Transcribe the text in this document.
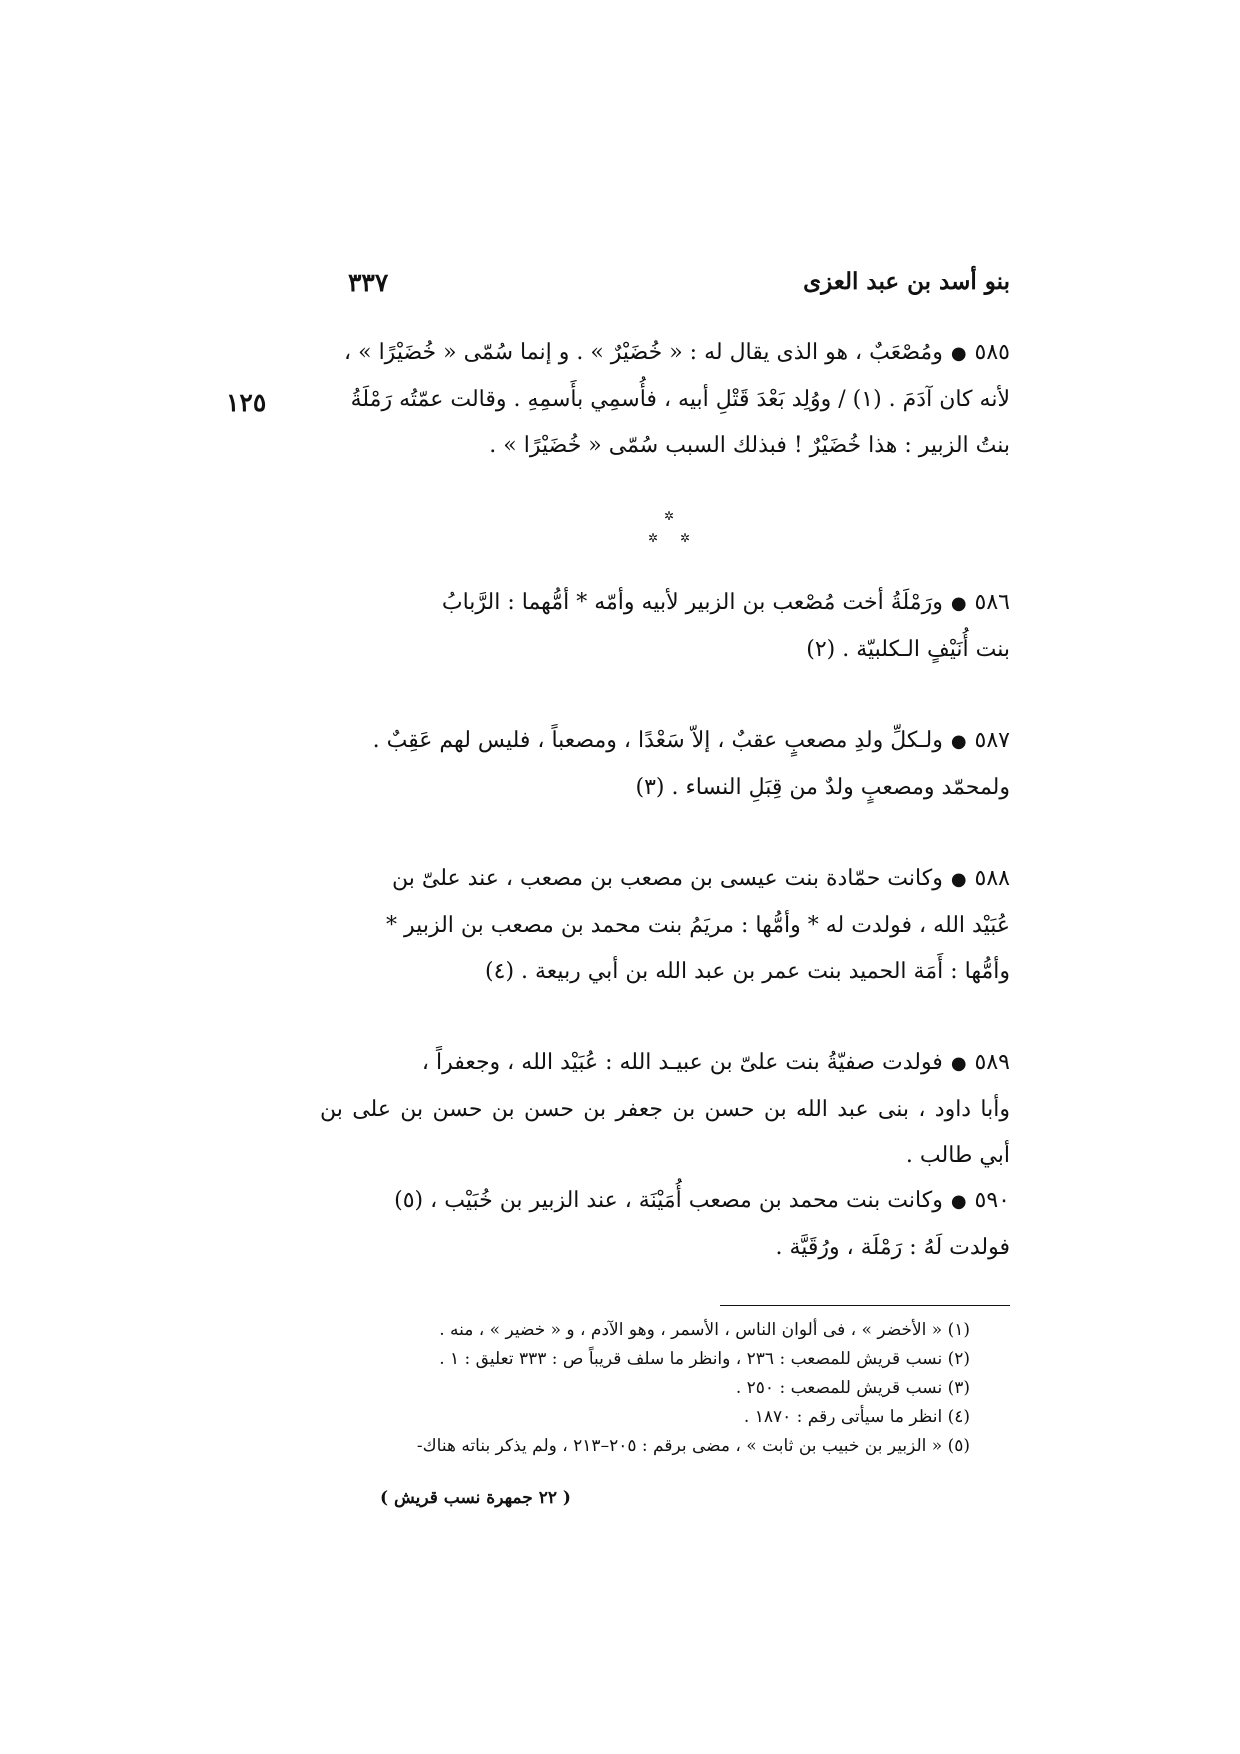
بنو أسد بن عبد العزى
٣٣٧
١٢٥
٥٨٥●ومُصْعَبٌ ، هو الذى يقال له : « خُضَيْرٌ » . و إنما سُمّى « خُضَيْرًا » ،
لأنه كان آدَمَ . (١) / ووُلِد بَعْدَ قَتْلِ أبيه ، فأُسمِي بأَسمِهِ . وقالت عمّتُه رَمْلَةُ
بنتُ الزبير : هذا خُضَيْرٌ ! فبذلك السبب سُمّى « خُضَيْرًا » .
✲
✲ ✲
٥٨٦●ورَمْلَةُ أخت مُصْعب بن الزبير لأبيه وأمّه * أمُّهما : الرَّبابُ
بنت أُنَيْفٍ الـكلبيّة . (٢)
٥٨٧●ولـكلِّ ولدِ مصعبٍ عقبٌ ، إلاّ سَعْدًا ، ومصعباً ، فليس لهم عَقِبٌ .
ولمحمّد ومصعبٍ ولدٌ من قِبَلِ النساء . (٣)
٥٨٨●وكانت حمّادة بنت عيسى بن مصعب بن مصعب ، عند علىّ بن
عُبَيْد الله ، فولدت له * وأمُّها : مريَمُ بنت محمد بن مصعب بن الزبير *
وأمُّها : أَمَة الحميد بنت عمر بن عبد الله بن أبي ربيعة . (٤)
٥٨٩●فولدت صفيّةُ بنت علىّ بن عبيـد الله : عُبَيْد الله ، وجعفراً ،
وأبا داود ، بنى عبد الله بن حسن بن جعفر بن حسن بن حسن بن على بن أبي طالب .
٥٩٠●وكانت بنت محمد بن مصعب أُمَيْنَة ، عند الزبير بن خُبَيْب ، (٥)
فولدت لَهُ : رَمْلَة ، ورُقَيَّة .
(١) « الأخضر » ، فى ألوان الناس ، الأسمر ، وهو الآدم ، و « خضير » ، منه .
(٢) نسب قريش للمصعب : ٢٣٦ ، وانظر ما سلف قريباً ص : ٣٣٣ تعليق : ١ .
(٣) نسب قريش للمصعب : ٢٥٠ .
(٤) انظر ما سيأتى رقم : ١٨٧٠ .
(٥) « الزبير بن خبيب بن ثابت » ، مضى برقم : ٢٠٥–٢١٣ ، ولم يذكر بناته هناك-
( ٢٢ جمهرة نسب قريش )
